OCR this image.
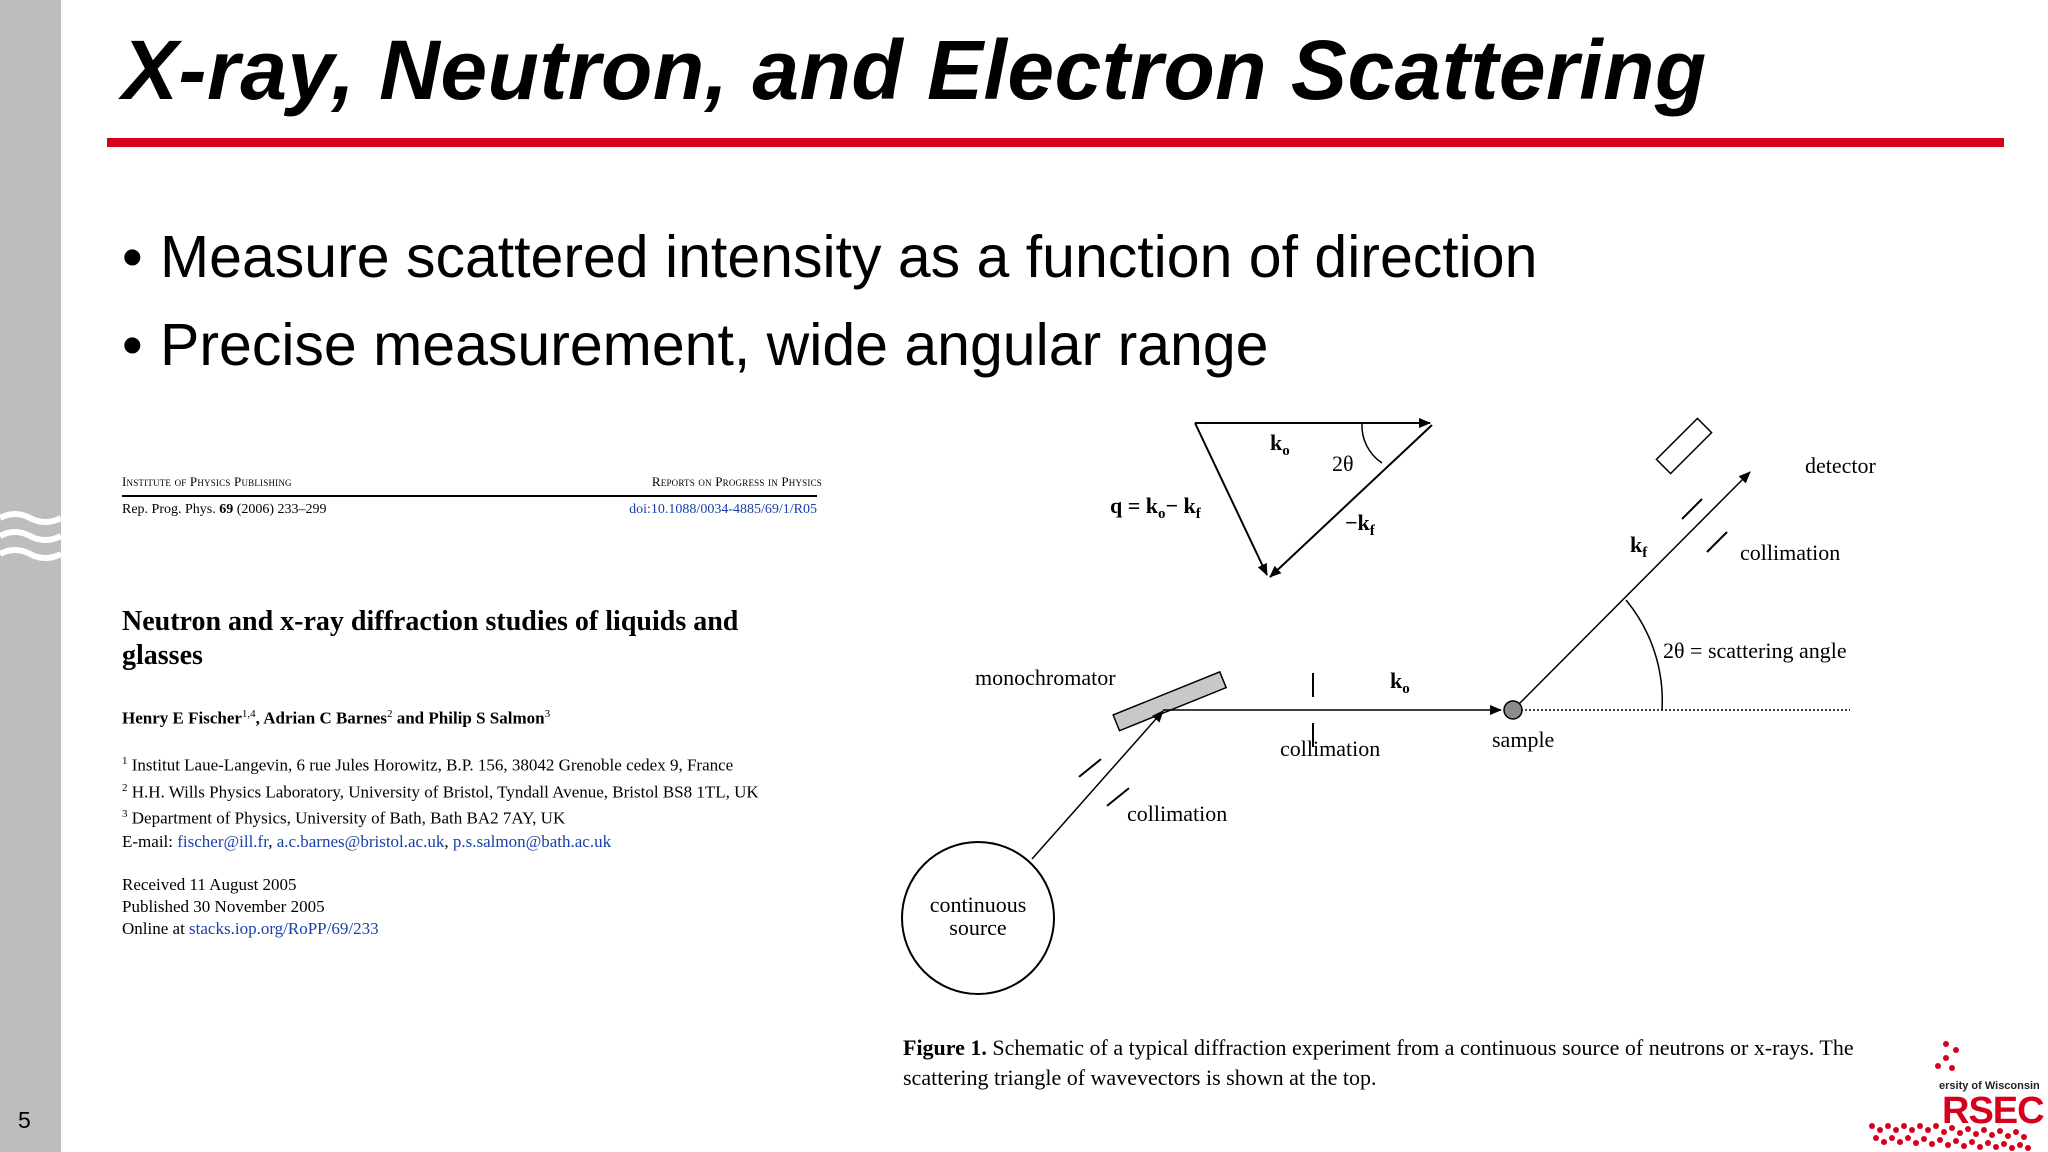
5
X-ray, Neutron, and Electron Scattering
• Measure scattered intensity as a function of direction
• Precise measurement, wide angular range
Institute of Physics Publishing	Reports on Progress in Physics
Rep. Prog. Phys. 69 (2006) 233–299	doi:10.1088/0034-4885/69/1/R05
Neutron and x-ray diffraction studies of liquids and glasses
Henry E Fischer$^{1,4}$, Adrian C Barnes$^2$ and Philip S Salmon$^3$
$^1$ Institut Laue-Langevin, 6 rue Jules Horowitz, B.P. 156, 38042 Grenoble cedex 9, France
$^2$ H.H. Wills Physics Laboratory, University of Bristol, Tyndall Avenue, Bristol BS8 1TL, UK
$^3$ Department of Physics, University of Bath, Bath BA2 7AY, UK
E-mail: fischer@ill.fr, a.c.barnes@bristol.ac.uk, p.s.salmon@bath.ac.uk
Received 11 August 2005
Published 30 November 2005
Online at stacks.iop.org/RoPP/69/233
$k_o$ 2θ
$q = k_o- k_f$	$-k_f$
detector
collimation
$k_f$
2θ = scattering angle
monochromator
collimation
$k_o$
sample
collimation
continuous
source
Figure 1. Schematic of a typical diffraction experiment from a continuous source of neutrons or x-rays. The scattering triangle of wavevectors is shown at the top.	ersity of Wisconsin
RSEC
